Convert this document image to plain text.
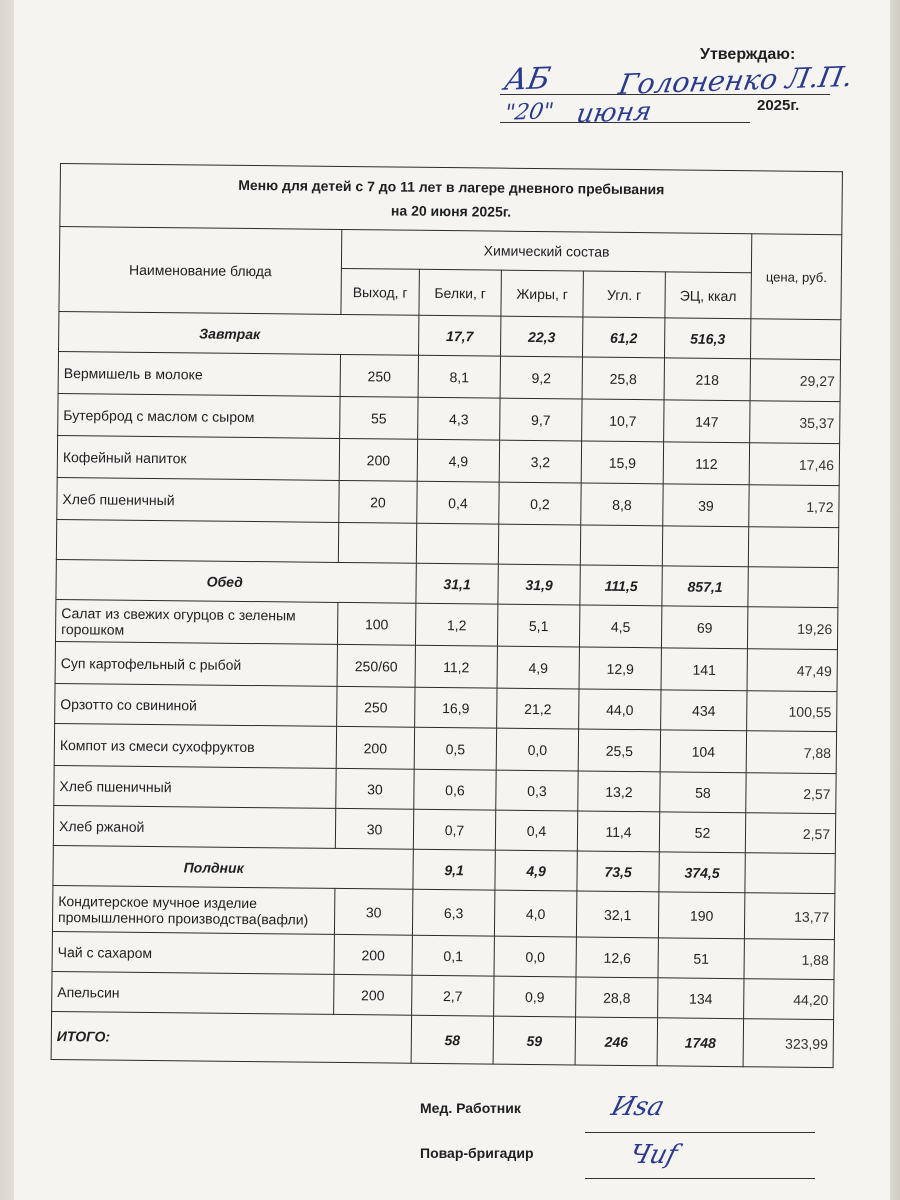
Утверждаю:
АБ Голоненко Л.П.
"20" июня	2025г.
Меню для детей с 7 до 11 лет в лагере дневного пребывания
на 20 июня 2025г.						
Наименование блюда	Химический состав					цена, руб.
	Выход, г	Белки, г	Жиры, г	Угл. г	ЭЦ, ккал	
Завтрак		17,7	22,3	61,2	516,3	
Вермишель в молоке	250	8,1	9,2	25,8	218	29,27
Бутерброд с маслом с сыром	55	4,3	9,7	10,7	147	35,37
Кофейный напиток	200	4,9	3,2	15,9	112	17,46
Хлеб пшеничный	20	0,4	0,2	8,8	39	1,72

Обед		31,1	31,9	111,5	857,1	
Салат из свежих огурцов с зеленым горошком	100	1,2	5,1	4,5	69	19,26
Суп картофельный с рыбой	250/60	11,2	4,9	12,9	141	47,49
Орзотто со свининой	250	16,9	21,2	44,0	434	100,55
Компот из смеси сухофруктов	200	0,5	0,0	25,5	104	7,88
Хлеб пшеничный	30	0,6	0,3	13,2	58	2,57
Хлеб ржаной	30	0,7	0,4	11,4	52	2,57
Полдник		9,1	4,9	73,5	374,5	
Кондитерское мучное изделие промышленного производства(вафли)	30	6,3	4,0	32,1	190	13,77
Чай с сахаром	200	0,1	0,0	12,6	51	1,88
Апельсин	200	2,7	0,9	28,8	134	44,20
ИТОГО:		58	59	246	1748	323,99
Мед. Работник	Иsa
Повар-бригадир	Чиf
